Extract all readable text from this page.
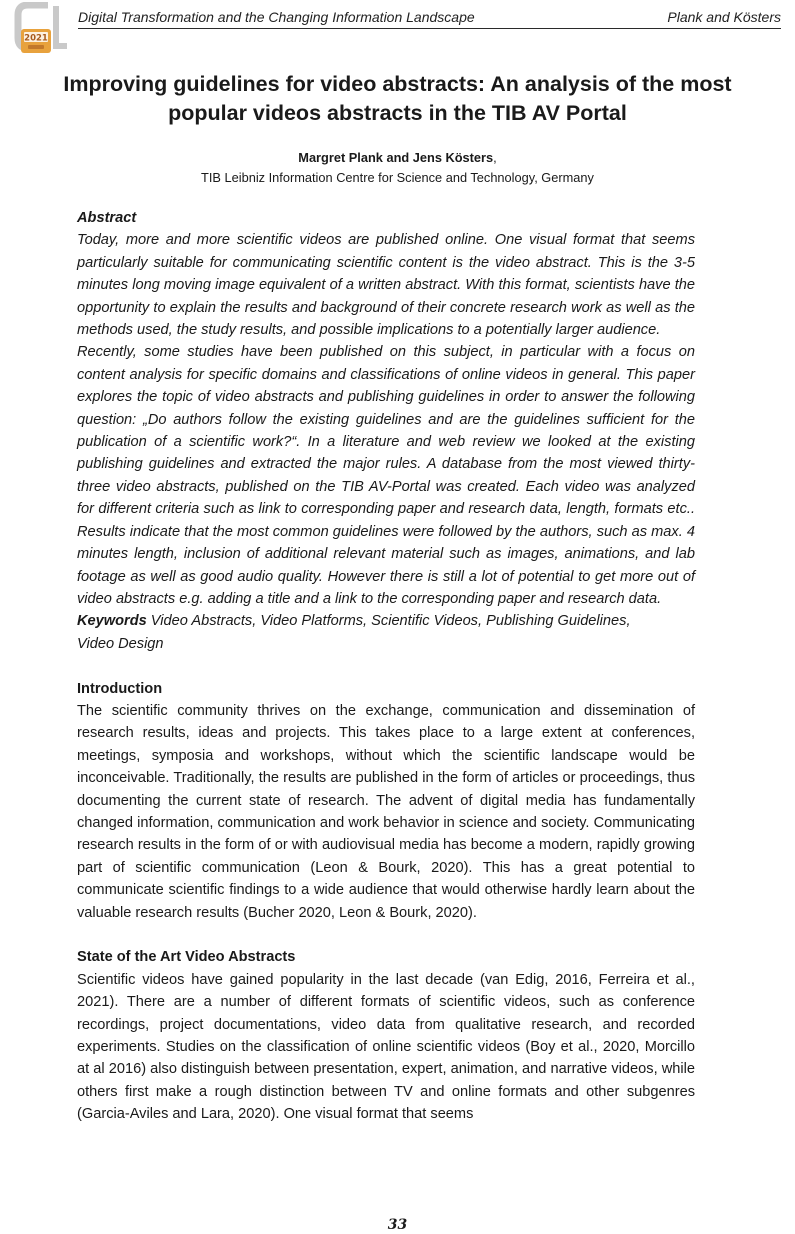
2021
Digital Transformation and the Changing Information Landscape	Plank and Kösters
Improving guidelines for video abstracts: An analysis of the most popular videos abstracts in the TIB AV Portal
Margret Plank and Jens Kösters,
TIB Leibniz Information Centre for Science and Technology, Germany
Abstract

Today, more and more scientific videos are published online. One visual format that seems particularly suitable for communicating scientific content is the video abstract. This is the 3-5 minutes long moving image equivalent of a written abstract. With this format, scientists have the opportunity to explain the results and background of their concrete research work as well as the methods used, the study results, and possible implications to a potentially larger audience.

Recently, some studies have been published on this subject, in particular with a focus on content analysis for specific domains and classifications of online videos in general. This paper explores the topic of video abstracts and publishing guidelines in order to answer the following question: „Do authors follow the existing guidelines and are the guidelines sufficient for the publication of a scientific work?“. In a literature and web review we looked at the existing publishing guidelines and extracted the major rules. A database from the most viewed thirty-three video abstracts, published on the TIB AV-Portal was created. Each video was analyzed for different criteria such as link to corresponding paper and research data, length, formats etc.. Results indicate that the most common guidelines were followed by the authors, such as max. 4 minutes length, inclusion of additional relevant material such as images, animations, and lab footage as well as good audio quality. However there is still a lot of potential to get more out of video abstracts e.g. adding a title and a link to the corresponding paper and research data.

Keywords Video Abstracts, Video Platforms, Scientific Videos, Publishing Guidelines,
Video Design
Introduction

The scientific community thrives on the exchange, communication and dissemination of research results, ideas and projects. This takes place to a large extent at conferences, meetings, symposia and workshops, without which the scientific landscape would be inconceivable. Traditionally, the results are published in the form of articles or proceedings, thus documenting the current state of research. The advent of digital media has fundamentally changed information, communication and work behavior in science and society. Communicating research results in the form of or with audiovisual media has become a modern, rapidly growing part of scientific communication (Leon & Bourk, 2020). This has a great potential to communicate scientific findings to a wide audience that would otherwise hardly learn about the valuable research results (Bucher 2020, Leon & Bourk, 2020).

State of the Art Video Abstracts

Scientific videos have gained popularity in the last decade (van Edig, 2016, Ferreira et al., 2021). There are a number of different formats of scientific videos, such as conference recordings, project documentations, video data from qualitative research, and recorded experiments. Studies on the classification of online scientific videos (Boy et al., 2020, Morcillo at al 2016) also distinguish between presentation, expert, animation, and narrative videos, while others first make a rough distinction between TV and online formats and other subgenres (Garcia-Aviles and Lara, 2020). One visual format that seems

33
